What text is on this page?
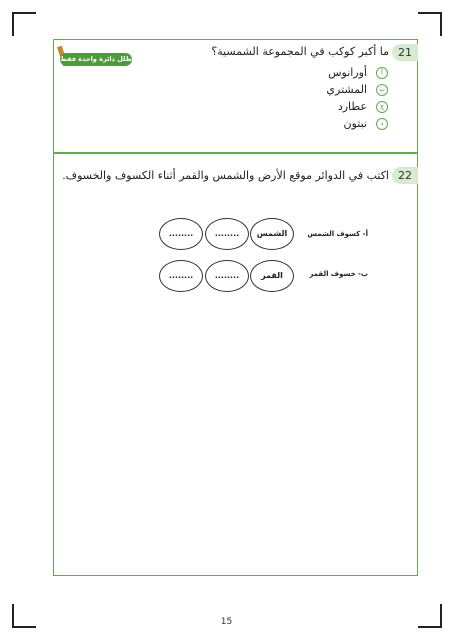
21
ما أكبر كوكب في المجموعة الشمسية؟
ظلل دائرة واحدة فقط
أ
أورانوس
ب
المشتري
ج
عطارد
د
نبتون
22
اكتب في الدوائر موقع الأرض والشمس والقمر أثناء الكسوف والخسوف.
أ- كسوف الشمس
الشمس
........
........
ب- خسوف القمر
القمر
........
........
15
